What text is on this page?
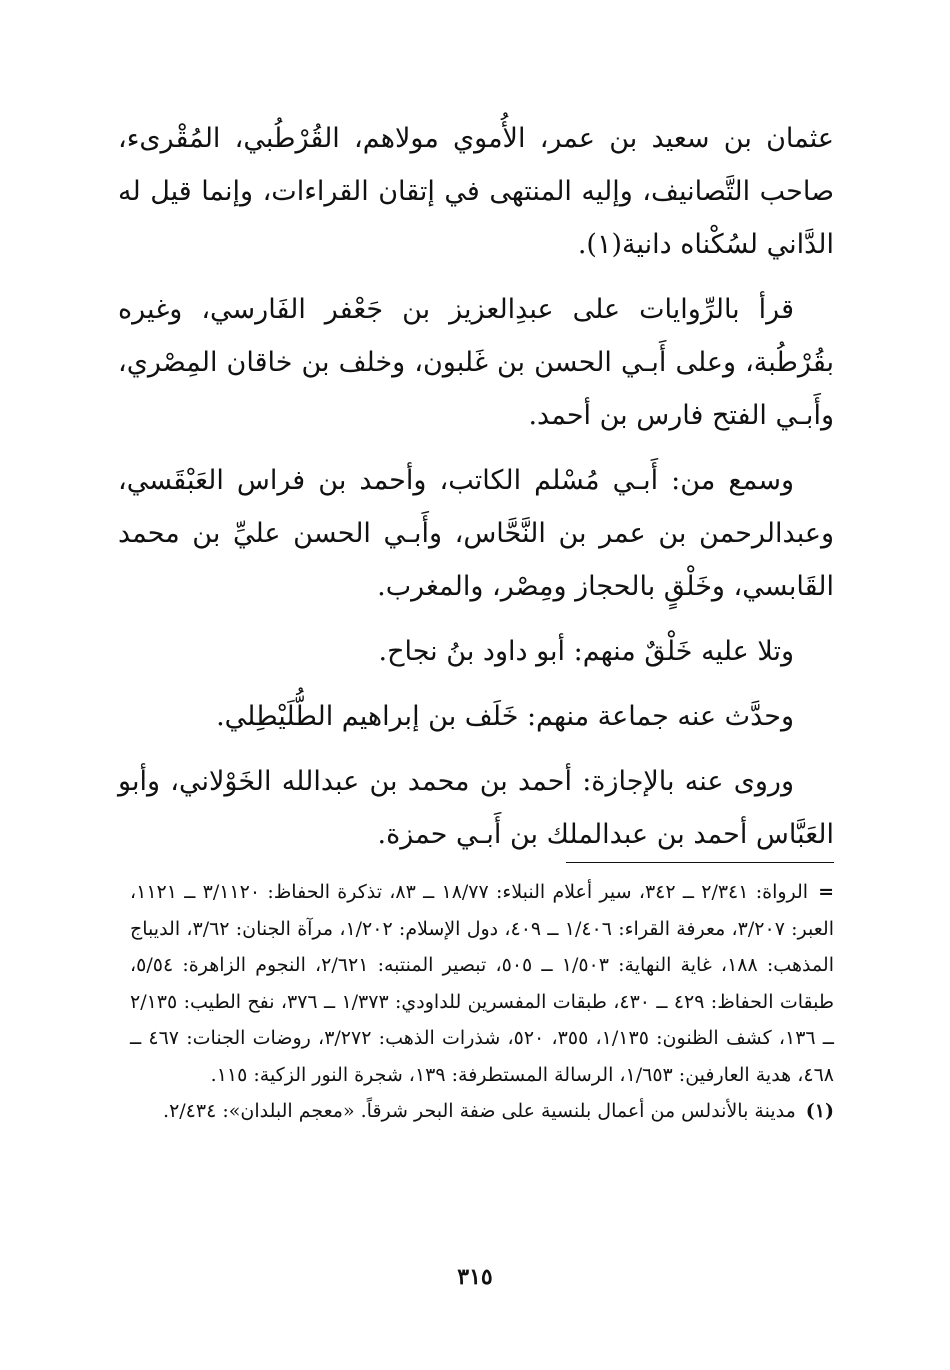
عثمان بن سعيد بن عمر، الأُموي مولاهم، القُرْطُبي، المُقْرىء، صاحب التَّصانيف، وإليه المنتهى في إتقان القراءات، وإنما قيل له الدَّاني لسُكْناه دانية(١).

قرأ بالرِّوايات على عبدِالعزيز بن جَعْفر الفَارسي، وغيره بقُرْطُبة، وعلى أَبـي الحسن بن غَلبون، وخلف بن خاقان المِصْري، وأَبـي الفتح فارس بن أحمد.

وسمع من: أَبـي مُسْلم الكاتب، وأحمد بن فراس العَبْقَسي، وعبدالرحمن بن عمر بن النَّحَّاس، وأَبـي الحسن عليِّ بن محمد القَابسي، وخَلْقٍ بالحجاز ومِصْر، والمغرب.

وتلا عليه خَلْقٌ منهم: أبو داود بنُ نجاح.

وحدَّث عنه جماعة منهم: خَلَف بن إبراهيم الطُّلَيْطِلي.

وروى عنه بالإجازة: أحمد بن محمد بن عبدالله الخَوْلاني، وأبو العَبَّاس أحمد بن عبدالملك بن أَبـي حمزة.

=الرواة: ٢/٣٤١ ــ ٣٤٢، سير أعلام النبلاء: ١٨/٧٧ ــ ٨٣، تذكرة الحفاظ: ٣/١١٢٠ ــ ١١٢١، العبر: ٣/٢٠٧، معرفة القراء: ١/٤٠٦ ــ ٤٠٩، دول الإسلام: ١/٢٠٢، مرآة الجنان: ٣/٦٢، الديباج المذهب: ١٨٨، غاية النهاية: ١/٥٠٣ ــ ٥٠٥، تبصير المنتبه: ٢/٦٢١، النجوم الزاهرة: ٥/٥٤، طبقات الحفاظ: ٤٢٩ ــ ٤٣٠، طبقات المفسرين للداودي: ١/٣٧٣ ــ ٣٧٦، نفح الطيب: ٢/١٣٥ ــ ١٣٦، كشف الظنون: ١/١٣٥، ٣٥٥، ٥٢٠، شذرات الذهب: ٣/٢٧٢، روضات الجنات: ٤٦٧ ــ ٤٦٨، هدية العارفين: ١/٦٥٣، الرسالة المستطرفة: ١٣٩، شجرة النور الزكية: ١١٥.

(١)مدينة بالأندلس من أعمال بلنسية على ضفة البحر شرقاً. «معجم البلدان»: ٢/٤٣٤.

٣١٥
